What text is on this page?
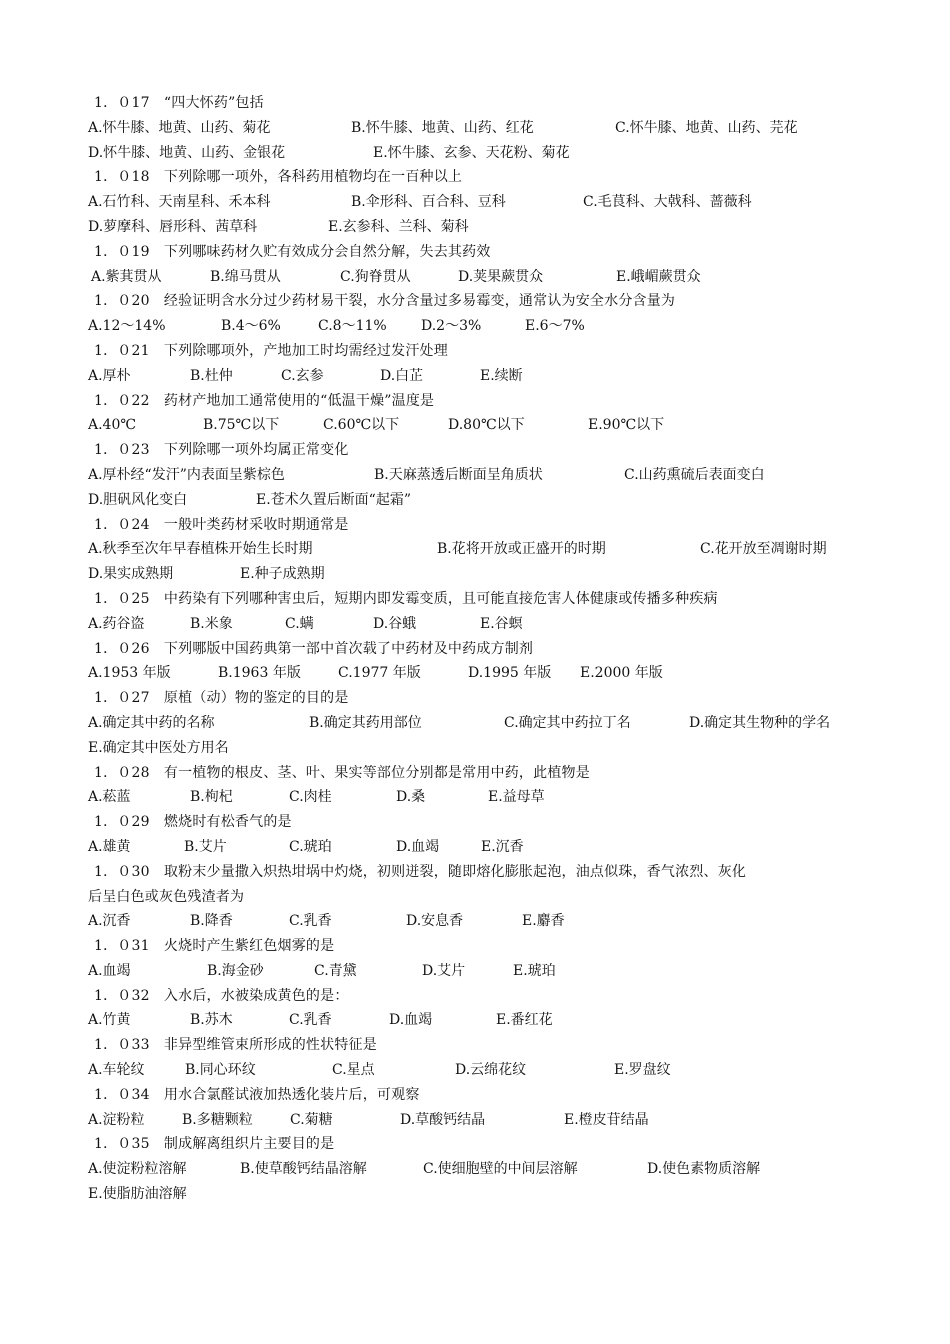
1．０17　“四大怀药”包括
A.怀牛膝、地黄、山药、菊花	B.怀牛膝、地黄、山药、红花	C.怀牛膝、地黄、山药、芫花
D.怀牛膝、地黄、山药、金银花	E.怀牛膝、玄参、天花粉、菊花
1．０18　下列除哪一项外，各科药用植物均在一百种以上
A.石竹科、天南星科、禾本科	B.伞形科、百合科、豆科	C.毛茛科、大戟科、蔷薇科
D.萝摩科、唇形科、茜草科	E.玄参科、兰科、菊科
1．０19　下列哪味药材久贮有效成分会自然分解，失去其药效
A.紫萁贯从	B.绵马贯从	C.狗脊贯从	D.荚果蕨贯众	E.峨嵋蕨贯众
1．０20　经验证明含水分过少药材易干裂，水分含量过多易霉变，通常认为安全水分含量为
A.12～14%	B.4～6%	C.8～11% D.2～3%	E.6～7%
1．０21　下列除哪项外，产地加工时均需经过发汗处理
A.厚朴	B.杜仲	C.玄参	D.白芷	E.续断
1．０22　药材产地加工通常使用的“低温干燥”温度是
A.40℃	B.75℃以下	C.60℃以下	D.80℃以下	E.90℃以下
1．０23　下列除哪一项外均属正常变化
A.厚朴经“发汗”内表面呈紫棕色	B.天麻蒸透后断面呈角质状	C.山药熏硫后表面变白
D.胆矾风化变白	E.苍术久置后断面“起霜”
1．０24　一般叶类药材采收时期通常是
A.秋季至次年早春植株开始生长时期	B.花将开放或正盛开的时期	C.花开放至凋谢时期
D.果实成熟期	E.种子成熟期
1．０25　中药染有下列哪种害虫后，短期内即发霉变质，且可能直接危害人体健康或传播多种疾病
A.药谷盗	B.米象	C.螨	D.谷蛾	E.谷螟
1．０26　下列哪版中国药典第一部中首次载了中药材及中药成方制剂
A.1953 年版	B.1963 年版	C.1977 年版	D.1995 年版 E.2000 年版
1．０27　原植（动）物的鉴定的目的是
A.确定其中药的名称	B.确定其药用部位	C.确定其中药拉丁名	D.确定其生物种的学名
E.确定其中医处方用名
1．０28　有一植物的根皮、茎、叶、果实等部位分别都是常用中药，此植物是
A.菘蓝	B.枸杞	C.肉桂	D.桑	E.益母草
1．０29　燃烧时有松香气的是
A.雄黄	B.艾片	C.琥珀	D.血竭	E.沉香
1．０30　取粉末少量撒入炽热坩埚中灼烧，初则迸裂，随即熔化膨胀起泡，油点似珠，香气浓烈、灰化
后呈白色或灰色残渣者为
A.沉香	B.降香	C.乳香	D.安息香	E.麝香
1．０31　火烧时产生紫红色烟雾的是
A.血竭	B.海金砂	C.青黛	D.艾片	E.琥珀
1．０32　入水后，水被染成黄色的是：
A.竹黄	B.苏木	C.乳香	D.血竭	E.番红花
1．０33　非异型维管束所形成的性状特征是
A.车轮纹	B.同心环纹	C.星点	D.云绵花纹	E.罗盘纹
1．０34　用水合氯醛试液加热透化装片后，可观察
A.淀粉粒	B.多糖颗粒	C.菊糖	D.草酸钙结晶	E.橙皮苷结晶
1．０35　制成解离组织片主要目的是
A.使淀粉粒溶解	B.使草酸钙结晶溶解	C.使细胞壁的中间层溶解	D.使色素物质溶解
E.使脂肪油溶解
